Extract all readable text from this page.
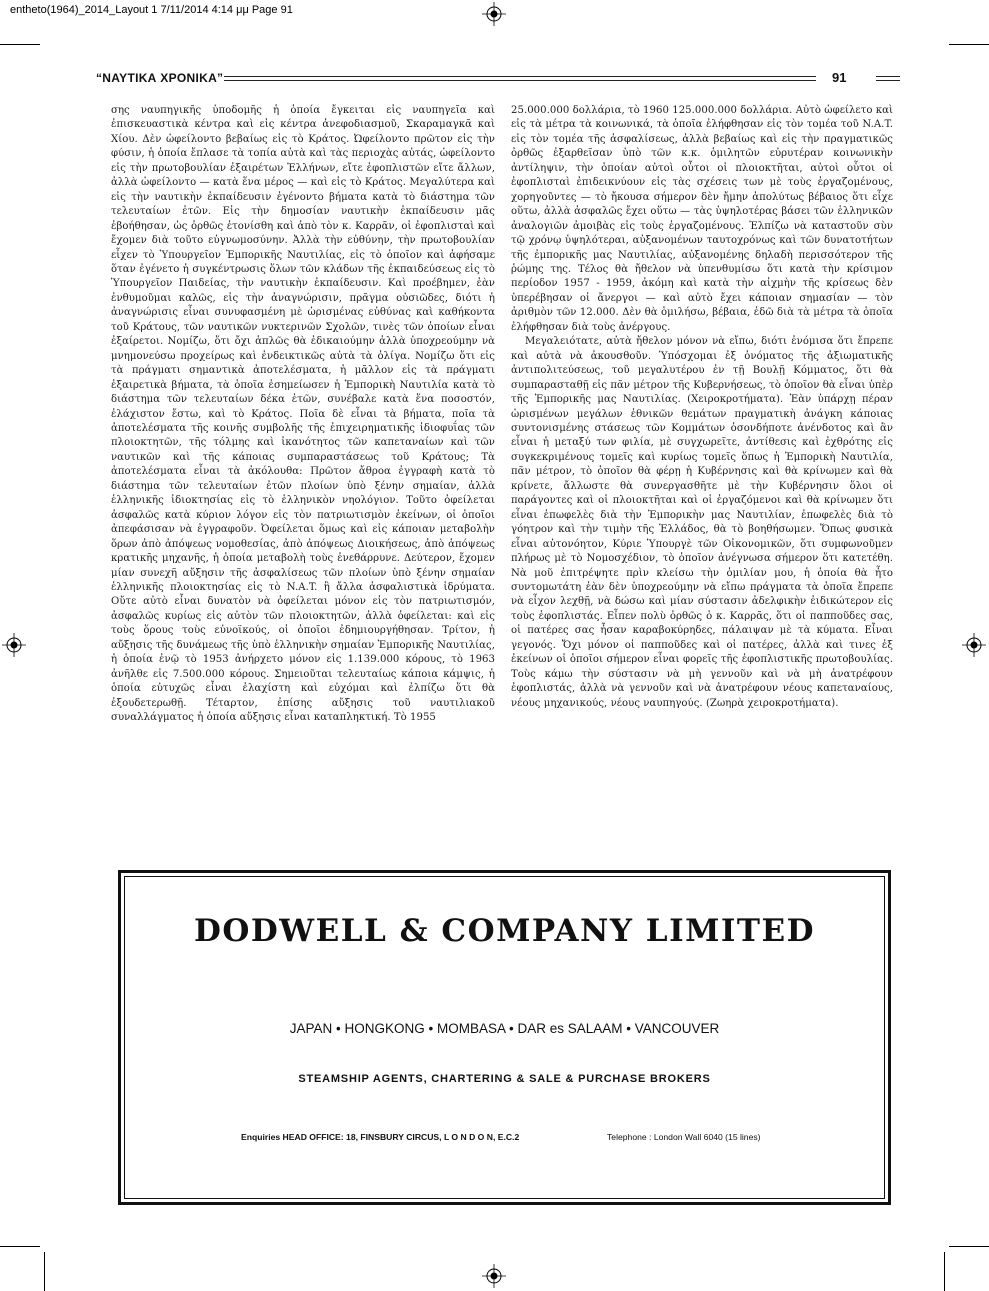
entheto(1964)_2014_Layout 1 7/11/2014 4:14 μμ Page 91
“ΝΑΥΤΙΚΑ ΧΡΟΝΙΚΑ”	91

σης ναυπηγικῆς ὑποδομῆς ἡ ὁποία ἔγκειται εἰς ναυπηγεῖα καὶ ἐπισκευαστικὰ κέντρα καὶ εἰς κέντρα ἀνεφοδιασμοῦ, Σκαραμαγκᾶ καὶ Χίου. Δὲν ὠφείλοντο βεβαίως εἰς τὸ Κράτος. Ὠφείλοντο πρῶτον εἰς τὴν φύσιν, ἡ ὁποία ἔπλασε τὰ τοπία αὐτὰ καὶ τὰς περιοχὰς αὐτάς, ὠφείλοντο εἰς τὴν πρωτοβουλίαν ἐξαιρέτων Ἑλλήνων, εἴτε ἐφοπλιστῶν εἴτε ἄλλων, ἀλλὰ ὠφείλοντο — κατὰ ἕνα μέρος — καὶ εἰς τὸ Κράτος. Μεγαλύτερα καὶ εἰς τὴν ναυτικὴν ἐκπαίδευσιν ἐγένοντο βήματα κατὰ τὸ διάστημα τῶν τελευταίων ἐτῶν. Εἰς τὴν δημοσίαν ναυτικὴν ἐκπαίδευσιν μᾶς ἐβοήθησαν, ὡς ὀρθῶς ἐτονίσθη καὶ ἀπὸ τὸν κ. Καρρᾶν, οἱ ἐφοπλισταὶ καὶ ἔχομεν διὰ τοῦτο εὐγνωμοσύνην. Ἀλλὰ τὴν εὐθύνην, τὴν πρωτοβουλίαν εἶχεν τὸ Ὑπουργεῖον Ἐμπορικῆς Ναυτιλίας, εἰς τὸ ὁποῖον καὶ ἀφήσαμε ὅταν ἐγένετο ἡ συγκέντρωσις ὅλων τῶν κλάδων τῆς ἐκπαιδεύσεως εἰς τὸ Ὑπουργεῖον Παιδείας, τὴν ναυτικὴν ἐκπαίδευσιν. Καὶ προέβημεν, ἐὰν ἐνθυμοῦμαι καλῶς, εἰς τὴν ἀναγνώρισιν, πρᾶγμα οὐσιῶδες, διότι ἡ ἀναγνώρισις εἶναι συνυφασμένη μὲ ὡρισμένας εὐθύνας καὶ καθήκοντα τοῦ Κράτους, τῶν ναυτικῶν νυκτερινῶν Σχολῶν, τινὲς τῶν ὁποίων εἶναι ἐξαίρετοι. Νομίζω, ὅτι ὄχι ἁπλῶς θὰ ἐδικαιούμην ἀλλὰ ὑποχρεούμην νὰ μνημονεύσω προχείρως καὶ ἐνδεικτικῶς αὐτὰ τὰ ὀλίγα. Νομίζω ὅτι εἰς τὰ πράγματι σημαντικὰ ἀποτελέσματα, ἡ μᾶλλον εἰς τὰ πράγματι ἐξαιρετικὰ βήματα, τὰ ὁποῖα ἐσημείωσεν ἡ Ἐμπορικὴ Ναυτιλία κατὰ τὸ διάστημα τῶν τελευταίων δέκα ἐτῶν, συνέβαλε κατὰ ἕνα ποσοστόν, ἐλάχιστον ἔστω, καὶ τὸ Κράτος. Ποῖα δὲ εἶναι τὰ βήματα, ποῖα τὰ ἀποτελέσματα τῆς κοινῆς συμβολῆς τῆς ἐπιχειρηματικῆς ἰδιοφυΐας τῶν πλοιοκτητῶν, τῆς τόλμης καὶ ἱκανότητος τῶν καπεταναίων καὶ τῶν ναυτικῶν καὶ τῆς κάποιας συμπαραστάσεως τοῦ Κράτους; Τὰ ἀποτελέσματα εἶναι τὰ ἀκόλουθα: Πρῶτον ἄθροα ἐγγραφὴ κατὰ τὸ διάστημα τῶν τελευταίων ἐτῶν πλοίων ὑπὸ ξένην σημαίαν, ἀλλὰ ἑλληνικῆς ἰδιοκτησίας εἰς τὸ ἑλληνικὸν νηολόγιον. Τοῦτο ὀφείλεται ἀσφαλῶς κατὰ κύριον λόγον εἰς τὸν πατριωτισμὸν ἐκείνων, οἱ ὁποῖοι ἀπεφάσισαν νὰ ἐγγραφοῦν. Ὀφείλεται ὅμως καὶ εἰς κάποιαν μεταβολὴν ὅρων ἀπὸ ἀπόψεως νομοθεσίας, ἀπὸ ἀπόψεως Διοικήσεως, ἀπὸ ἀπόψεως κρατικῆς μηχανῆς, ἡ ὁποία μεταβολὴ τοὺς ἐνεθάρρυνε. Δεύτερον, ἔχομεν μίαν συνεχῆ αὔξησιν τῆς ἀσφαλίσεως τῶν πλοίων ὑπὸ ξένην σημαίαν ἑλληνικῆς πλοιοκτησίας εἰς τὸ N.A.T. ἢ ἄλλα ἀσφαλιστικὰ ἱδρύματα. Οὔτε αὐτὸ εἶναι δυνατὸν νὰ ὀφείλεται μόνον εἰς τὸν πατριωτισμόν, ἀσφαλῶς κυρίως εἰς αὐτὸν τῶν πλοιοκτητῶν, ἀλλὰ ὀφείλεται: καὶ εἰς τοὺς ὅρους τοὺς εὐνοϊκούς, οἱ ὁποῖοι ἐδημιουργήθησαν. Τρίτον, ἡ αὔξησις τῆς δυνάμεως τῆς ὑπὸ ἑλληνικὴν σημαίαν Ἐμπορικῆς Ναυτιλίας, ἡ ὁποία ἐνῷ τὸ 1953 ἀνήρχετο μόνον εἰς 1.139.000 κόρους, τὸ 1963 ἀνῆλθε εἰς 7.500.000 κόρους. Σημειοῦται τελευταίως κάποια κάμψις, ἡ ὁποία εὐτυχῶς εἶναι ἐλαχίστη καὶ εὐχόμαι καὶ ἐλπίζω ὅτι θὰ ἐξουδετερωθῇ. Τέταρτον, ἐπίσης αὔξησις τοῦ ναυτιλιακοῦ συναλλάγματος ἡ ὁποία αὔξησις εἶναι καταπληκτική. Τὸ 1955

25.000.000 δολλάρια, τὸ 1960 125.000.000 δολλάρια. Αὐτὸ ὠφείλετο καὶ εἰς τὰ μέτρα τὰ κοινωνικά, τὰ ὁποῖα ἐλήφθησαν εἰς τὸν τομέα τοῦ N.A.T. εἰς τὸν τομέα τῆς ἀσφαλίσεως, ἀλλὰ βεβαίως καὶ εἰς τὴν πραγματικῶς ὀρθῶς ἐξαρθεῖσαν ὑπὸ τῶν κ.κ. ὁμιλητῶν εὐρυτέραν κοινωνικὴν ἀντίληψιν, τὴν ὁποίαν αὐτοὶ οὗτοι οἱ πλοιοκτῆται, αὐτοὶ οὗτοι οἱ ἐφοπλισταὶ ἐπιδεικνύουν εἰς τὰς σχέσεις των μὲ τοὺς ἐργαζομένους, χορηγοῦντες — τὸ ἤκουσα σήμερον δὲν ἤμην ἀπολύτως βέβαιος ὅτι εἶχε οὕτω, ἀλλὰ ἀσφαλῶς ἔχει οὕτω — τὰς ὑψηλοτέρας βάσει τῶν ἑλληνικῶν ἀναλογιῶν ἀμοιβὰς εἰς τοὺς ἐργαζομένους. Ἐλπίζω νὰ καταστοῦν σὺν τῷ χρόνῳ ὑψηλότεραι, αὐξανομένων ταυτοχρόνως καὶ τῶν δυνατοτήτων τῆς ἐμπορικῆς μας Ναυτιλίας, αὐξανομένης δηλαδὴ περισσότερον τῆς ῥώμης της. Τέλος θὰ ἤθελον νὰ ὑπενθυμίσω ὅτι κατὰ τὴν κρίσιμον περίοδον 1957 - 1959, ἀκόμη καὶ κατὰ τὴν αἰχμὴν τῆς κρίσεως δὲν ὑπερέβησαν οἱ ἄνεργοι — καὶ αὐτὸ ἔχει κάποιαν σημασίαν — τὸν ἀριθμὸν τῶν 12.000. Δὲν θὰ ὁμιλήσω, βέβαια, ἐδῶ διὰ τὰ μέτρα τὰ ὁποῖα ἐλήφθησαν διὰ τοὺς ἀνέργους.

Μεγαλειότατε, αὐτὰ ἤθελον μόνον νὰ εἴπω, διότι ἐνόμισα ὅτι ἔπρεπε καὶ αὐτὰ νὰ ἀκουσθοῦν. Ὑπόσχομαι ἐξ ὀνόματος τῆς ἀξιωματικῆς ἀντιπολιτεύσεως, τοῦ μεγαλυτέρου ἐν τῇ Βουλῇ Κόμματος, ὅτι θὰ συμπαρασταθῇ εἰς πᾶν μέτρον τῆς Κυβερνήσεως, τὸ ὁποῖον θὰ εἶναι ὑπὲρ τῆς Ἐμπορικῆς μας Ναυτιλίας. (Χειροκροτήματα). Ἐὰν ὑπάρχῃ πέραν ὡρισμένων μεγάλων ἐθνικῶν θεμάτων πραγματικὴ ἀνάγκη κάποιας συντονισμένης στάσεως τῶν Κομμάτων ὁσονδήποτε ἀνένδοτος καὶ ἂν εἶναι ἡ μεταξύ των φιλία, μὲ συγχωρεῖτε, ἀντίθεσις καὶ ἐχθρότης εἰς συγκεκριμένους τομεῖς καὶ κυρίως τομεῖς ὅπως ἡ Ἐμπορικὴ Ναυτιλία, πᾶν μέτρον, τὸ ὁποῖον θὰ φέρῃ ἡ Κυβέρνησις καὶ θὰ κρίνωμεν καὶ θὰ κρίνετε, ἄλλωστε θὰ συνεργασθῆτε μὲ τὴν Κυβέρνησιν ὅλοι οἱ παράγοντες καὶ οἱ πλοιοκτῆται καὶ οἱ ἐργαζόμενοι καὶ θὰ κρίνωμεν ὅτι εἶναι ἐπωφελὲς διὰ τὴν Ἐμπορικὴν μας Ναυτιλίαν, ἐπωφελὲς διὰ τὸ γόητρον καὶ τὴν τιμὴν τῆς Ἑλλάδος, θὰ τὸ βοηθήσωμεν. Ὅπως φυσικὰ εἶναι αὐτονόητον, Κύριε Ὑπουργὲ τῶν Οἰκονομικῶν, ὅτι συμφωνοῦμεν πλήρως μὲ τὸ Νομοσχέδιον, τὸ ὁποῖον ἀνέγνωσα σήμερον ὅτι κατετέθη. Νὰ μοῦ ἐπιτρέψητε πρὶν κλείσω τὴν ὁμιλίαν μου, ἡ ὁποία θὰ ἦτο συντομωτάτη ἐὰν δὲν ὑποχρεούμην νὰ εἴπω πράγματα τὰ ὁποῖα ἔπρεπε νὰ εἶχον λεχθῇ, νὰ δώσω καὶ μίαν σύστασιν ἀδελφικὴν ἐιδικώτερον εἰς τοὺς ἐφοπλιστάς. Εἶπεν πολὺ ὀρθῶς ὁ κ. Καρρᾶς, ὅτι οἱ παπποῦδες σας, οἱ πατέρες σας ἦσαν καραβοκύρηδες, πάλαιψαν μὲ τὰ κύματα. Εἶναι γεγονός. Ὄχι μόνον οἱ παπποῦδες καὶ οἱ πατέρες, ἀλλὰ καὶ τινες ἐξ ἐκείνων οἱ ὁποῖοι σήμερον εἶναι φορεῖς τῆς ἐφοπλιστικῆς πρωτοβουλίας. Τοὺς κάμω τὴν σύστασιν νὰ μὴ γεννοῦν καὶ νὰ μὴ ἀνατρέφουν ἐφοπλιστάς, ἀλλὰ νὰ γεννοῦν καὶ νὰ ἀνατρέφουν νέους καπεταναίους, νέους μηχανικούς, νέους ναυπηγούς. (Ζωηρὰ χειροκροτήματα).

DODWELL & COMPANY LIMITED
JAPAN • HONGKONG • MOMBASA • DAR es SALAAM • VANCOUVER
STEAMSHIP AGENTS, CHARTERING & SALE & PURCHASE BROKERS
Enquiries HEAD OFFICE: 18, FINSBURY CIRCUS, L O N D O N, E.C.2	Telephone : London Wall 6040 (15 lines)
